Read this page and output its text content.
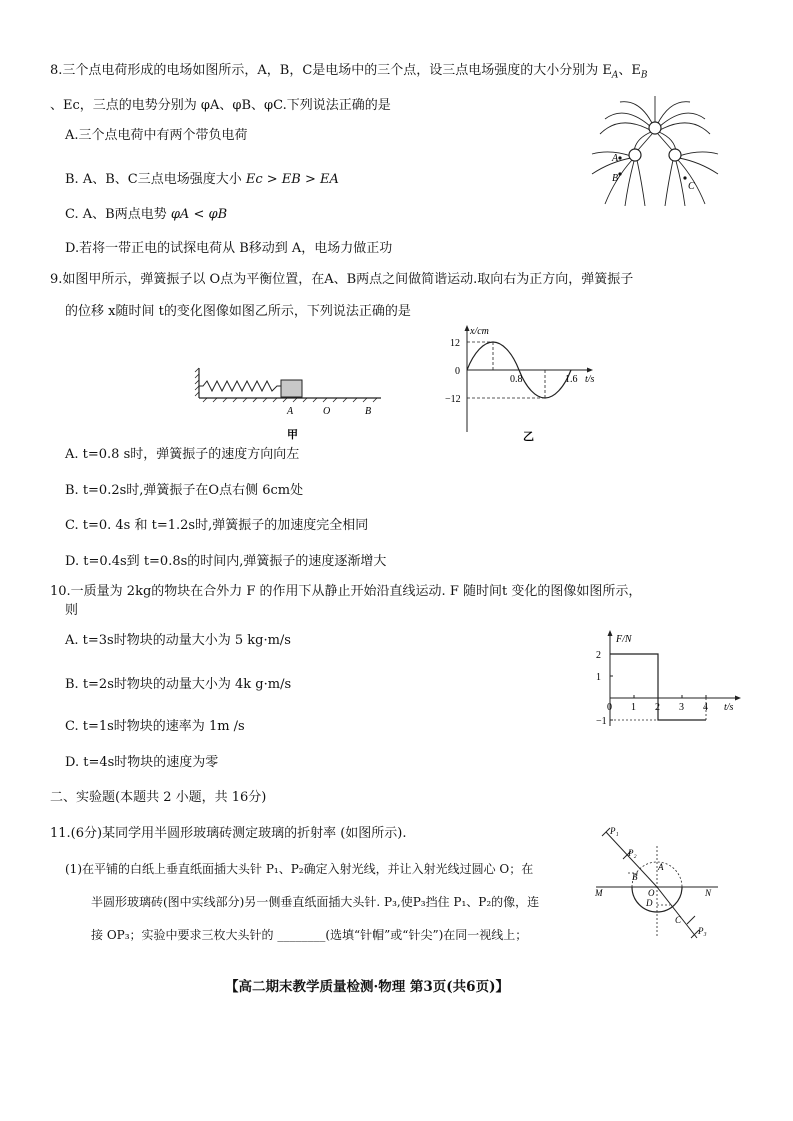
8.三个点电荷形成的电场如图所示，A，B，C是电场中的三个点，设三点电场强度的大小分别为 $E_A$、$E_B$
、Ec，三点的电势分别为 φA、φB、φC.下列说法正确的是
A.三个点电荷中有两个带负电荷
B. A、B、C三点电场强度大小 Ec > EB > EA
C. A、B两点电势 φA < φB
D.若将一带正电的试探电荷从 B移动到 A，电场力做正功
A
B
C
9.如图甲所示，弹簧振子以 O点为平衡位置，在A、B两点之间做简谐运动.取向右为正方向，弹簧振子
的位移 x随时间 t的变化图像如图乙所示，下列说法正确的是
A	O	B
甲
x/cm
12
0
−12
0.8	1.6 t/s
乙
A. t=0.8 s时，弹簧振子的速度方向向左
B. t=0.2s时,弹簧振子在O点右侧 6cm处
C. t=0. 4s 和 t=1.2s时,弹簧振子的加速度完全相同
D. t=0.4s到 t=0.8s的时间内,弹簧振子的速度逐渐增大
10.一质量为 2kg的物块在合外力 F 的作用下从静止开始沿直线运动. F 随时间t 变化的图像如图所示，
则
A. t=3s时物块的动量大小为 5 kg·m/s
B. t=2s时物块的动量大小为 4k g·m/s
C. t=1s时物块的速率为 1m /s
D. t=4s时物块的速度为零
t/s
F/N
0 1 2 3 4
2
1
−1
二、实验题(本题共 2 小题，共 16分)
11.(6分)某同学用半圆形玻璃砖测定玻璃的折射率 (如图所示).
(1)在平铺的白纸上垂直纸面插大头针 P₁、P₂确定入射光线，并让入射光线过圆心 O；在
半圆形玻璃砖(图中实线部分)另一侧垂直纸面插大头针. P₃,使P₃挡住 P₁、P₂的像，连
接 OP₃；实验中要求三枚大头针的 ________(选填“针帽”或“针尖”)在同一视线上；
P₁
P₂
P₃
A
B
C
D
O
M	N
【高二期末教学质量检测·物理 第3页(共6页)】
